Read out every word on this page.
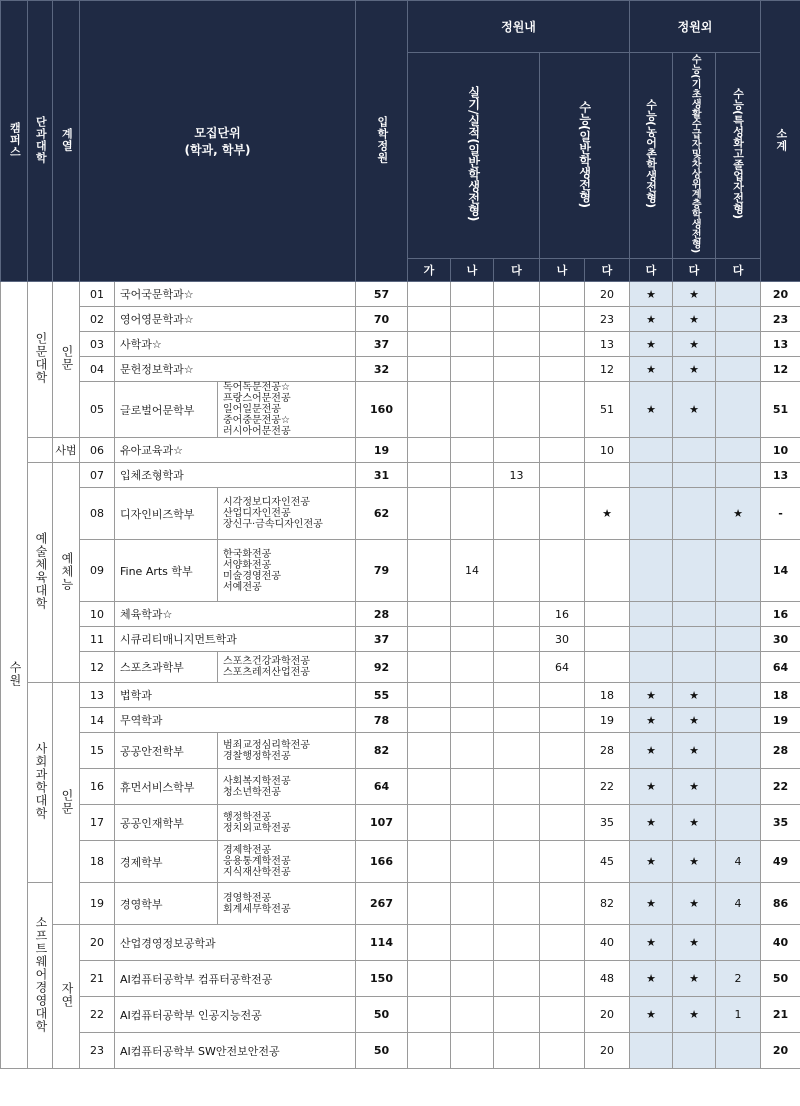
캠퍼스	단과대학	계열	모집단위
(학과, 학부)			입학정원	정원내					정원외			소계
							실기/실적(일반학생전형)			수능(일반학생전형)		수능(농어촌학생전형)	수능(기초생활수급자및차상위계층학생전형)	수능(특성화고졸업자전형)	
							가	나	다	나	다	다	다	다	
수원	인문대학	인문	01	국어국문학과☆		57					20	★	★		20
			02	영어영문학과☆		70					23	★	★		23
			03	사학과☆		37					13	★	★		13
			04	문헌정보학과☆		32					12	★	★		12
			05	글로벌어문학부	독어독문전공☆
프랑스어문전공
일어일문전공
중어중문전공☆
러시아어문전공	160					51	★	★		51
		사범	06	유아교육과☆		19					10				10
	예술체육대학	예체능	07	입체조형학과		31			13						13
			08	디자인비즈학부	시각정보디자인전공
산업디자인전공
장신구·금속디자인전공	62					★			★	-
			09	Fine Arts 학부	한국화전공
서양화전공
미술경영전공
서예전공	79		14							14
			10	체육학과☆		28				16					16
			11	시큐리티매니지먼트학과		37				30					30
			12	스포츠과학부	스포츠건강과학전공
스포츠레저산업전공	92				64					64
	사회과학대학	인문	13	법학과		55					18	★	★		18
			14	무역학과		78					19	★	★		19
			15	공공안전학부	범죄교정심리학전공
경찰행정학전공	82					28	★	★		28
			16	휴먼서비스학부	사회복지학전공
청소년학전공	64					22	★	★		22
			17	공공인재학부	행정학전공
정치외교학전공	107					35	★	★		35
			18	경제학부	경제학전공
응용통계학전공
지식재산학전공	166					45	★	★	4	49
	소프트웨어경영대학		19	경영학부	경영학전공
회계세무학전공	267					82	★	★	4	86
		자연	20	산업경영정보공학과		114					40	★	★		40
			21	AI컴퓨터공학부 컴퓨터공학전공		150					48	★	★	2	50
			22	AI컴퓨터공학부 인공지능전공		50					20	★	★	1	21
			23	AI컴퓨터공학부 SW안전보안전공		50					20				20
